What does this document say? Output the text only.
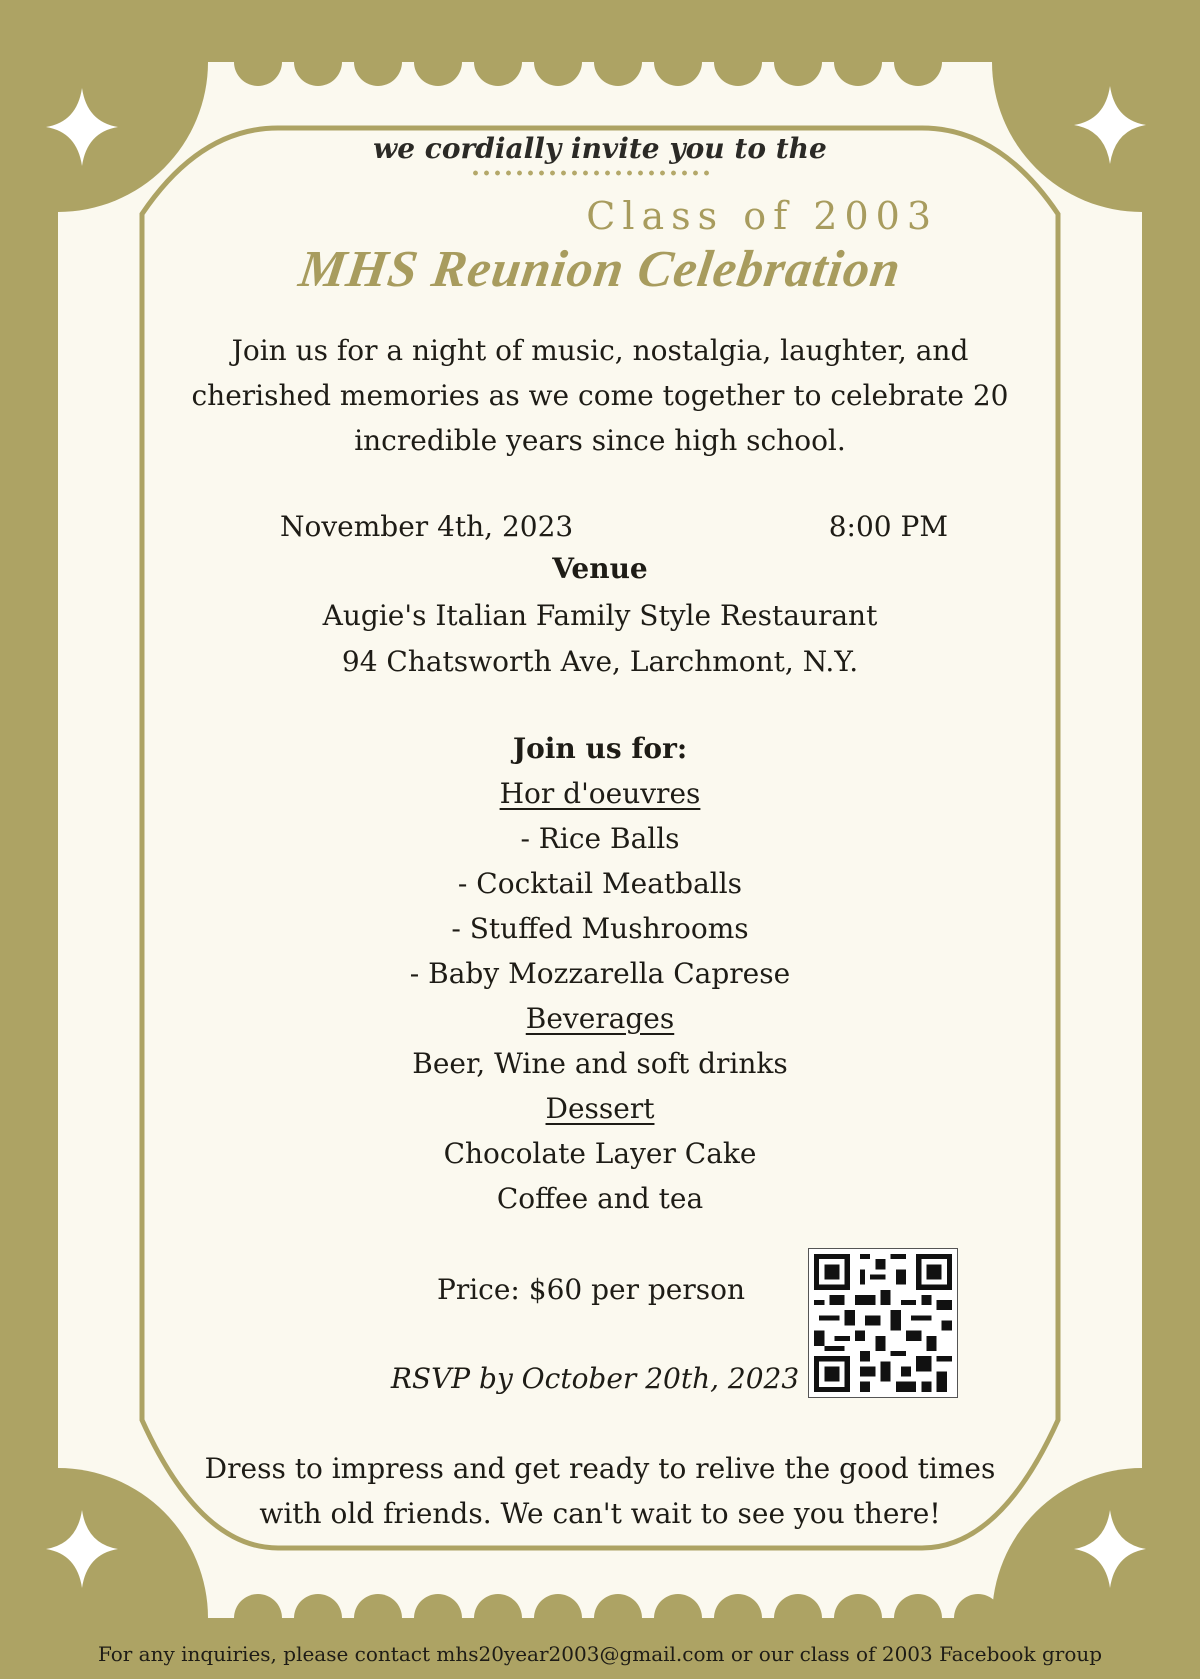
we cordially invite you to the
Class of 2003
MHS Reunion Celebration
Join us for a night of music, nostalgia, laughter, and
cherished memories as we come together to celebrate 20
incredible years since high school.
November 4th, 2023	8:00 PM
Venue
Augie's Italian Family Style Restaurant
94 Chatsworth Ave, Larchmont, N.Y.
Join us for:
Hor d'oeuvres
- Rice Balls
- Cocktail Meatballs
- Stuffed Mushrooms
- Baby Mozzarella Caprese
Beverages
Beer, Wine and soft drinks
Dessert
Chocolate Layer Cake
Coffee and tea
Price: $60 per person
RSVP by October 20th, 2023
Dress to impress and get ready to relive the good times
with old friends. We can't wait to see you there!
For any inquiries, please contact mhs20year2003@gmail.com or our class of 2003 Facebook group
